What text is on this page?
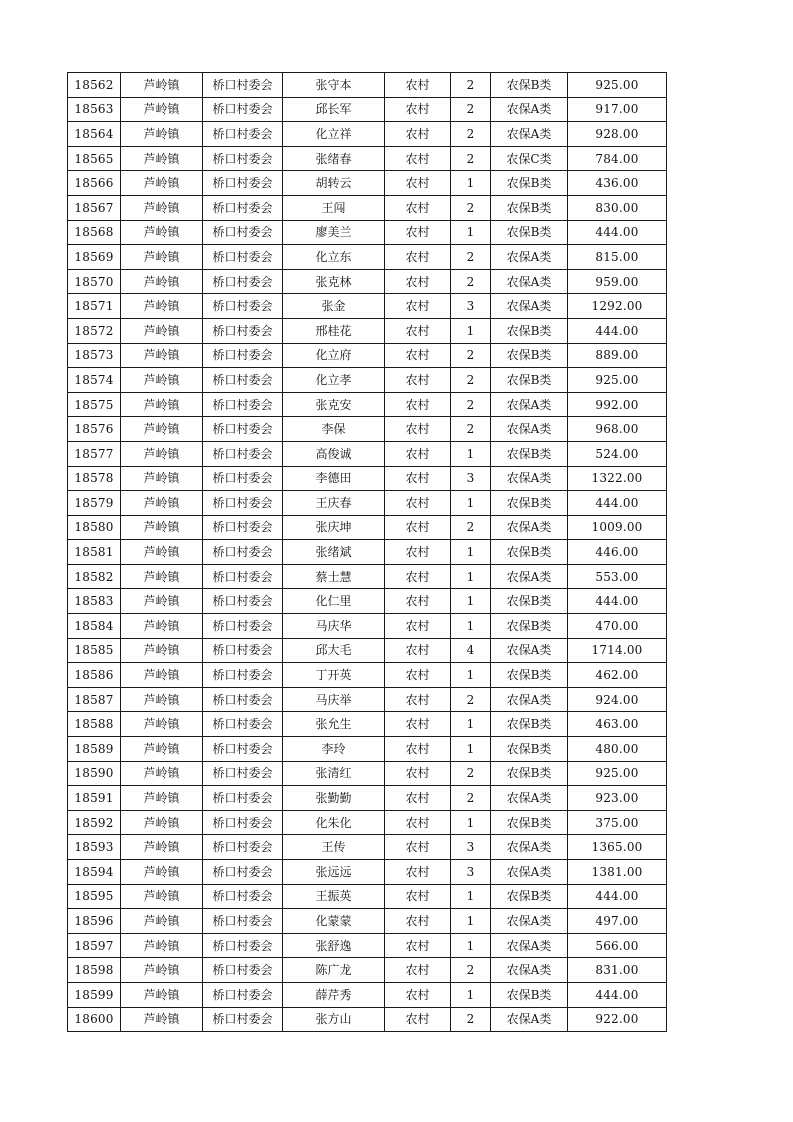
18562	芦岭镇	桥口村委会	张守本	农村	2	农保B类	925.00
18563	芦岭镇	桥口村委会	邱长军	农村	2	农保A类	917.00
18564	芦岭镇	桥口村委会	化立祥	农村	2	农保A类	928.00
18565	芦岭镇	桥口村委会	张绪春	农村	2	农保C类	784.00
18566	芦岭镇	桥口村委会	胡转云	农村	1	农保B类	436.00
18567	芦岭镇	桥口村委会	王闯	农村	2	农保B类	830.00
18568	芦岭镇	桥口村委会	廖美兰	农村	1	农保B类	444.00
18569	芦岭镇	桥口村委会	化立东	农村	2	农保A类	815.00
18570	芦岭镇	桥口村委会	张克林	农村	2	农保A类	959.00
18571	芦岭镇	桥口村委会	张金	农村	3	农保A类	1292.00
18572	芦岭镇	桥口村委会	邢桂花	农村	1	农保B类	444.00
18573	芦岭镇	桥口村委会	化立府	农村	2	农保B类	889.00
18574	芦岭镇	桥口村委会	化立孝	农村	2	农保B类	925.00
18575	芦岭镇	桥口村委会	张克安	农村	2	农保A类	992.00
18576	芦岭镇	桥口村委会	李保	农村	2	农保A类	968.00
18577	芦岭镇	桥口村委会	高俊诚	农村	1	农保B类	524.00
18578	芦岭镇	桥口村委会	李德田	农村	3	农保A类	1322.00
18579	芦岭镇	桥口村委会	王庆春	农村	1	农保B类	444.00
18580	芦岭镇	桥口村委会	张庆坤	农村	2	农保A类	1009.00
18581	芦岭镇	桥口村委会	张绪斌	农村	1	农保B类	446.00
18582	芦岭镇	桥口村委会	蔡士慧	农村	1	农保A类	553.00
18583	芦岭镇	桥口村委会	化仁里	农村	1	农保B类	444.00
18584	芦岭镇	桥口村委会	马庆华	农村	1	农保B类	470.00
18585	芦岭镇	桥口村委会	邱大毛	农村	4	农保A类	1714.00
18586	芦岭镇	桥口村委会	丁开英	农村	1	农保B类	462.00
18587	芦岭镇	桥口村委会	马庆举	农村	2	农保A类	924.00
18588	芦岭镇	桥口村委会	张允生	农村	1	农保B类	463.00
18589	芦岭镇	桥口村委会	李玲	农村	1	农保B类	480.00
18590	芦岭镇	桥口村委会	张清红	农村	2	农保B类	925.00
18591	芦岭镇	桥口村委会	张勤勤	农村	2	农保A类	923.00
18592	芦岭镇	桥口村委会	化朱化	农村	1	农保B类	375.00
18593	芦岭镇	桥口村委会	王传	农村	3	农保A类	1365.00
18594	芦岭镇	桥口村委会	张远远	农村	3	农保A类	1381.00
18595	芦岭镇	桥口村委会	王振英	农村	1	农保B类	444.00
18596	芦岭镇	桥口村委会	化蒙蒙	农村	1	农保A类	497.00
18597	芦岭镇	桥口村委会	张舒逸	农村	1	农保A类	566.00
18598	芦岭镇	桥口村委会	陈广龙	农村	2	农保A类	831.00
18599	芦岭镇	桥口村委会	薛芹秀	农村	1	农保B类	444.00
18600	芦岭镇	桥口村委会	张方山	农村	2	农保A类	922.00
